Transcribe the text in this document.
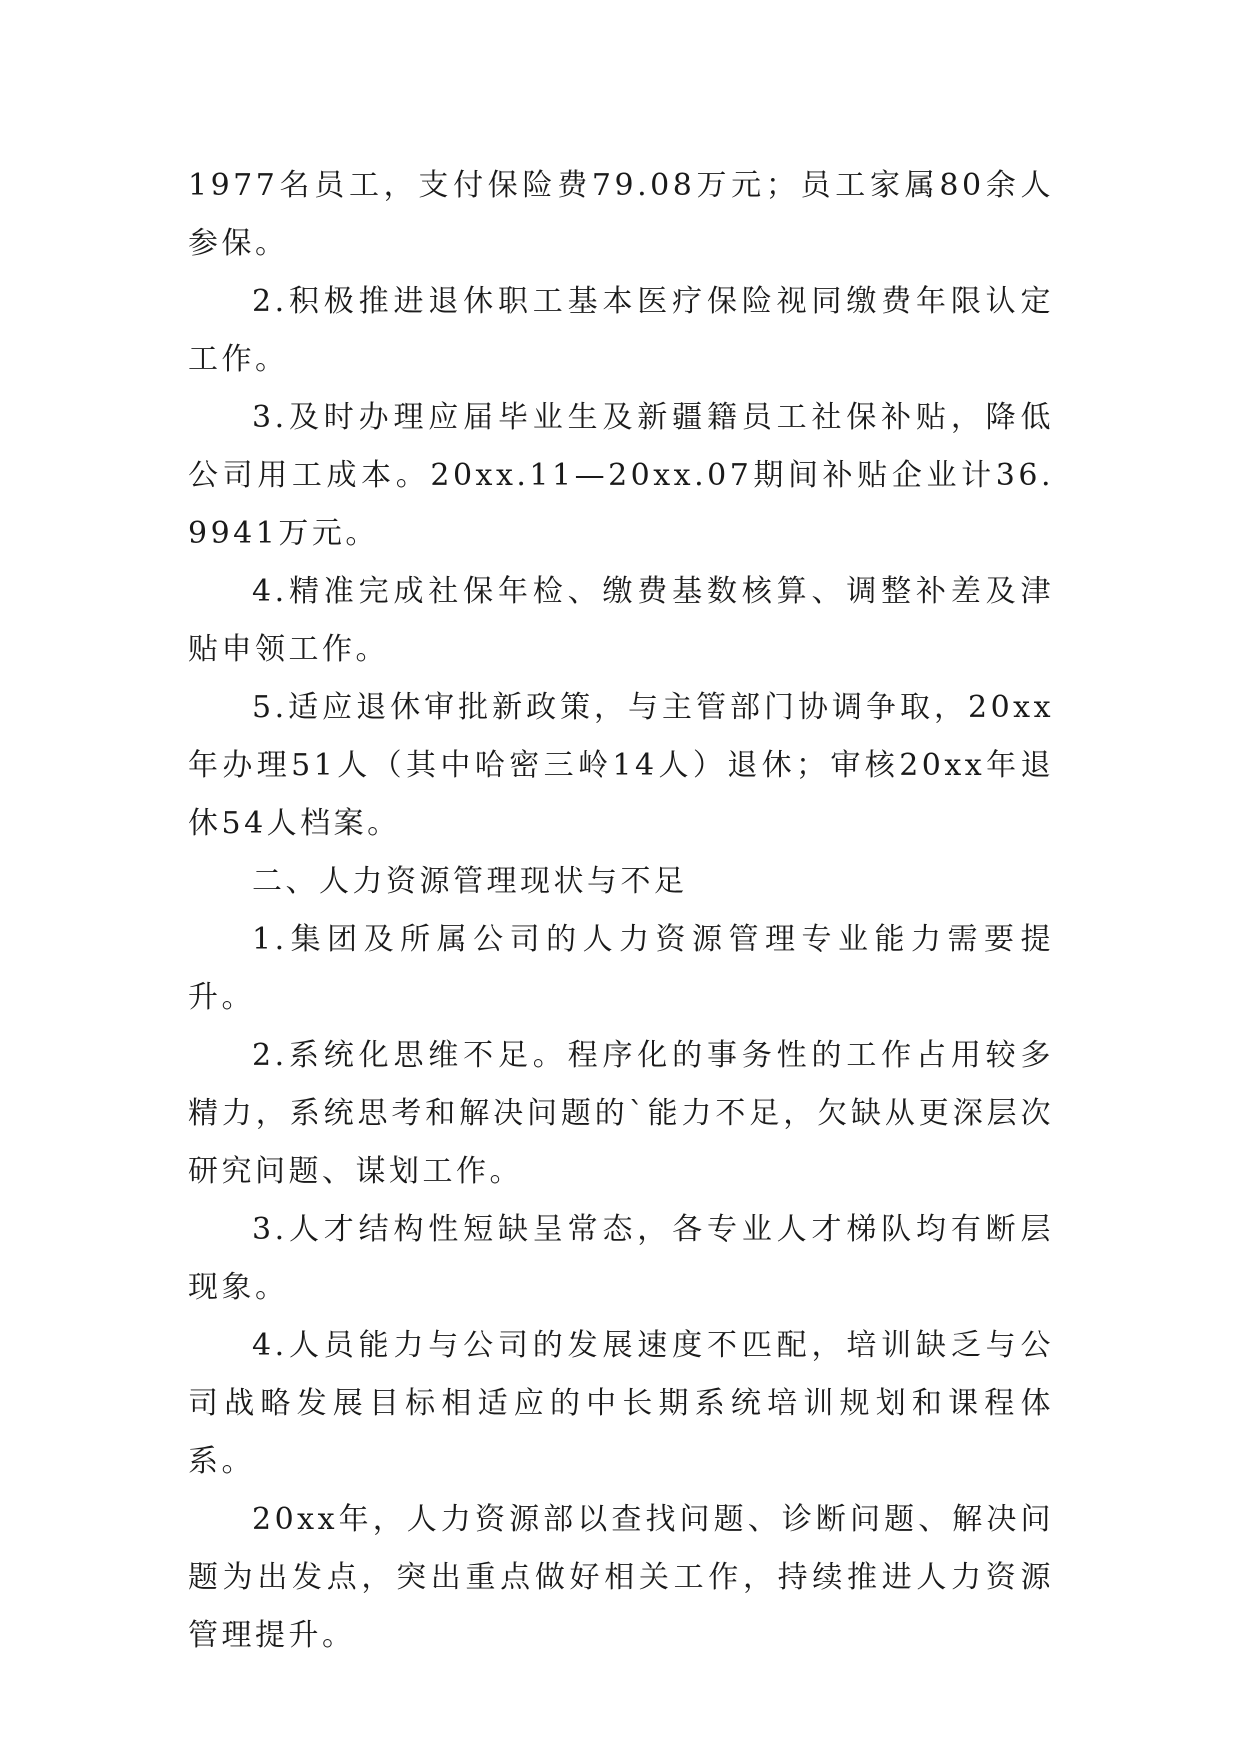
1977名员工，支付保险费79.08万元；员工家属80余人参保。

2.积极推进退休职工基本医疗保险视同缴费年限认定工作。

3.及时办理应届毕业生及新疆籍员工社保补贴，降低公司用工成本。20xx.11—20xx.07期间补贴企业计36.9941万元。

4.精准完成社保年检、缴费基数核算、调整补差及津贴申领工作。

5.适应退休审批新政策，与主管部门协调争取，20xx年办理51人（其中哈密三岭14人）退休；审核20xx年退休54人档案。

二、人力资源管理现状与不足

1.集团及所属公司的人力资源管理专业能力需要提升。

2.系统化思维不足。程序化的事务性的工作占用较多精力，系统思考和解决问题的`能力不足，欠缺从更深层次研究问题、谋划工作。

3.人才结构性短缺呈常态，各专业人才梯队均有断层现象。

4.人员能力与公司的发展速度不匹配，培训缺乏与公司战略发展目标相适应的中长期系统培训规划和课程体系。

20xx年，人力资源部以查找问题、诊断问题、解决问题为出发点，突出重点做好相关工作，持续推进人力资源管理提升。
